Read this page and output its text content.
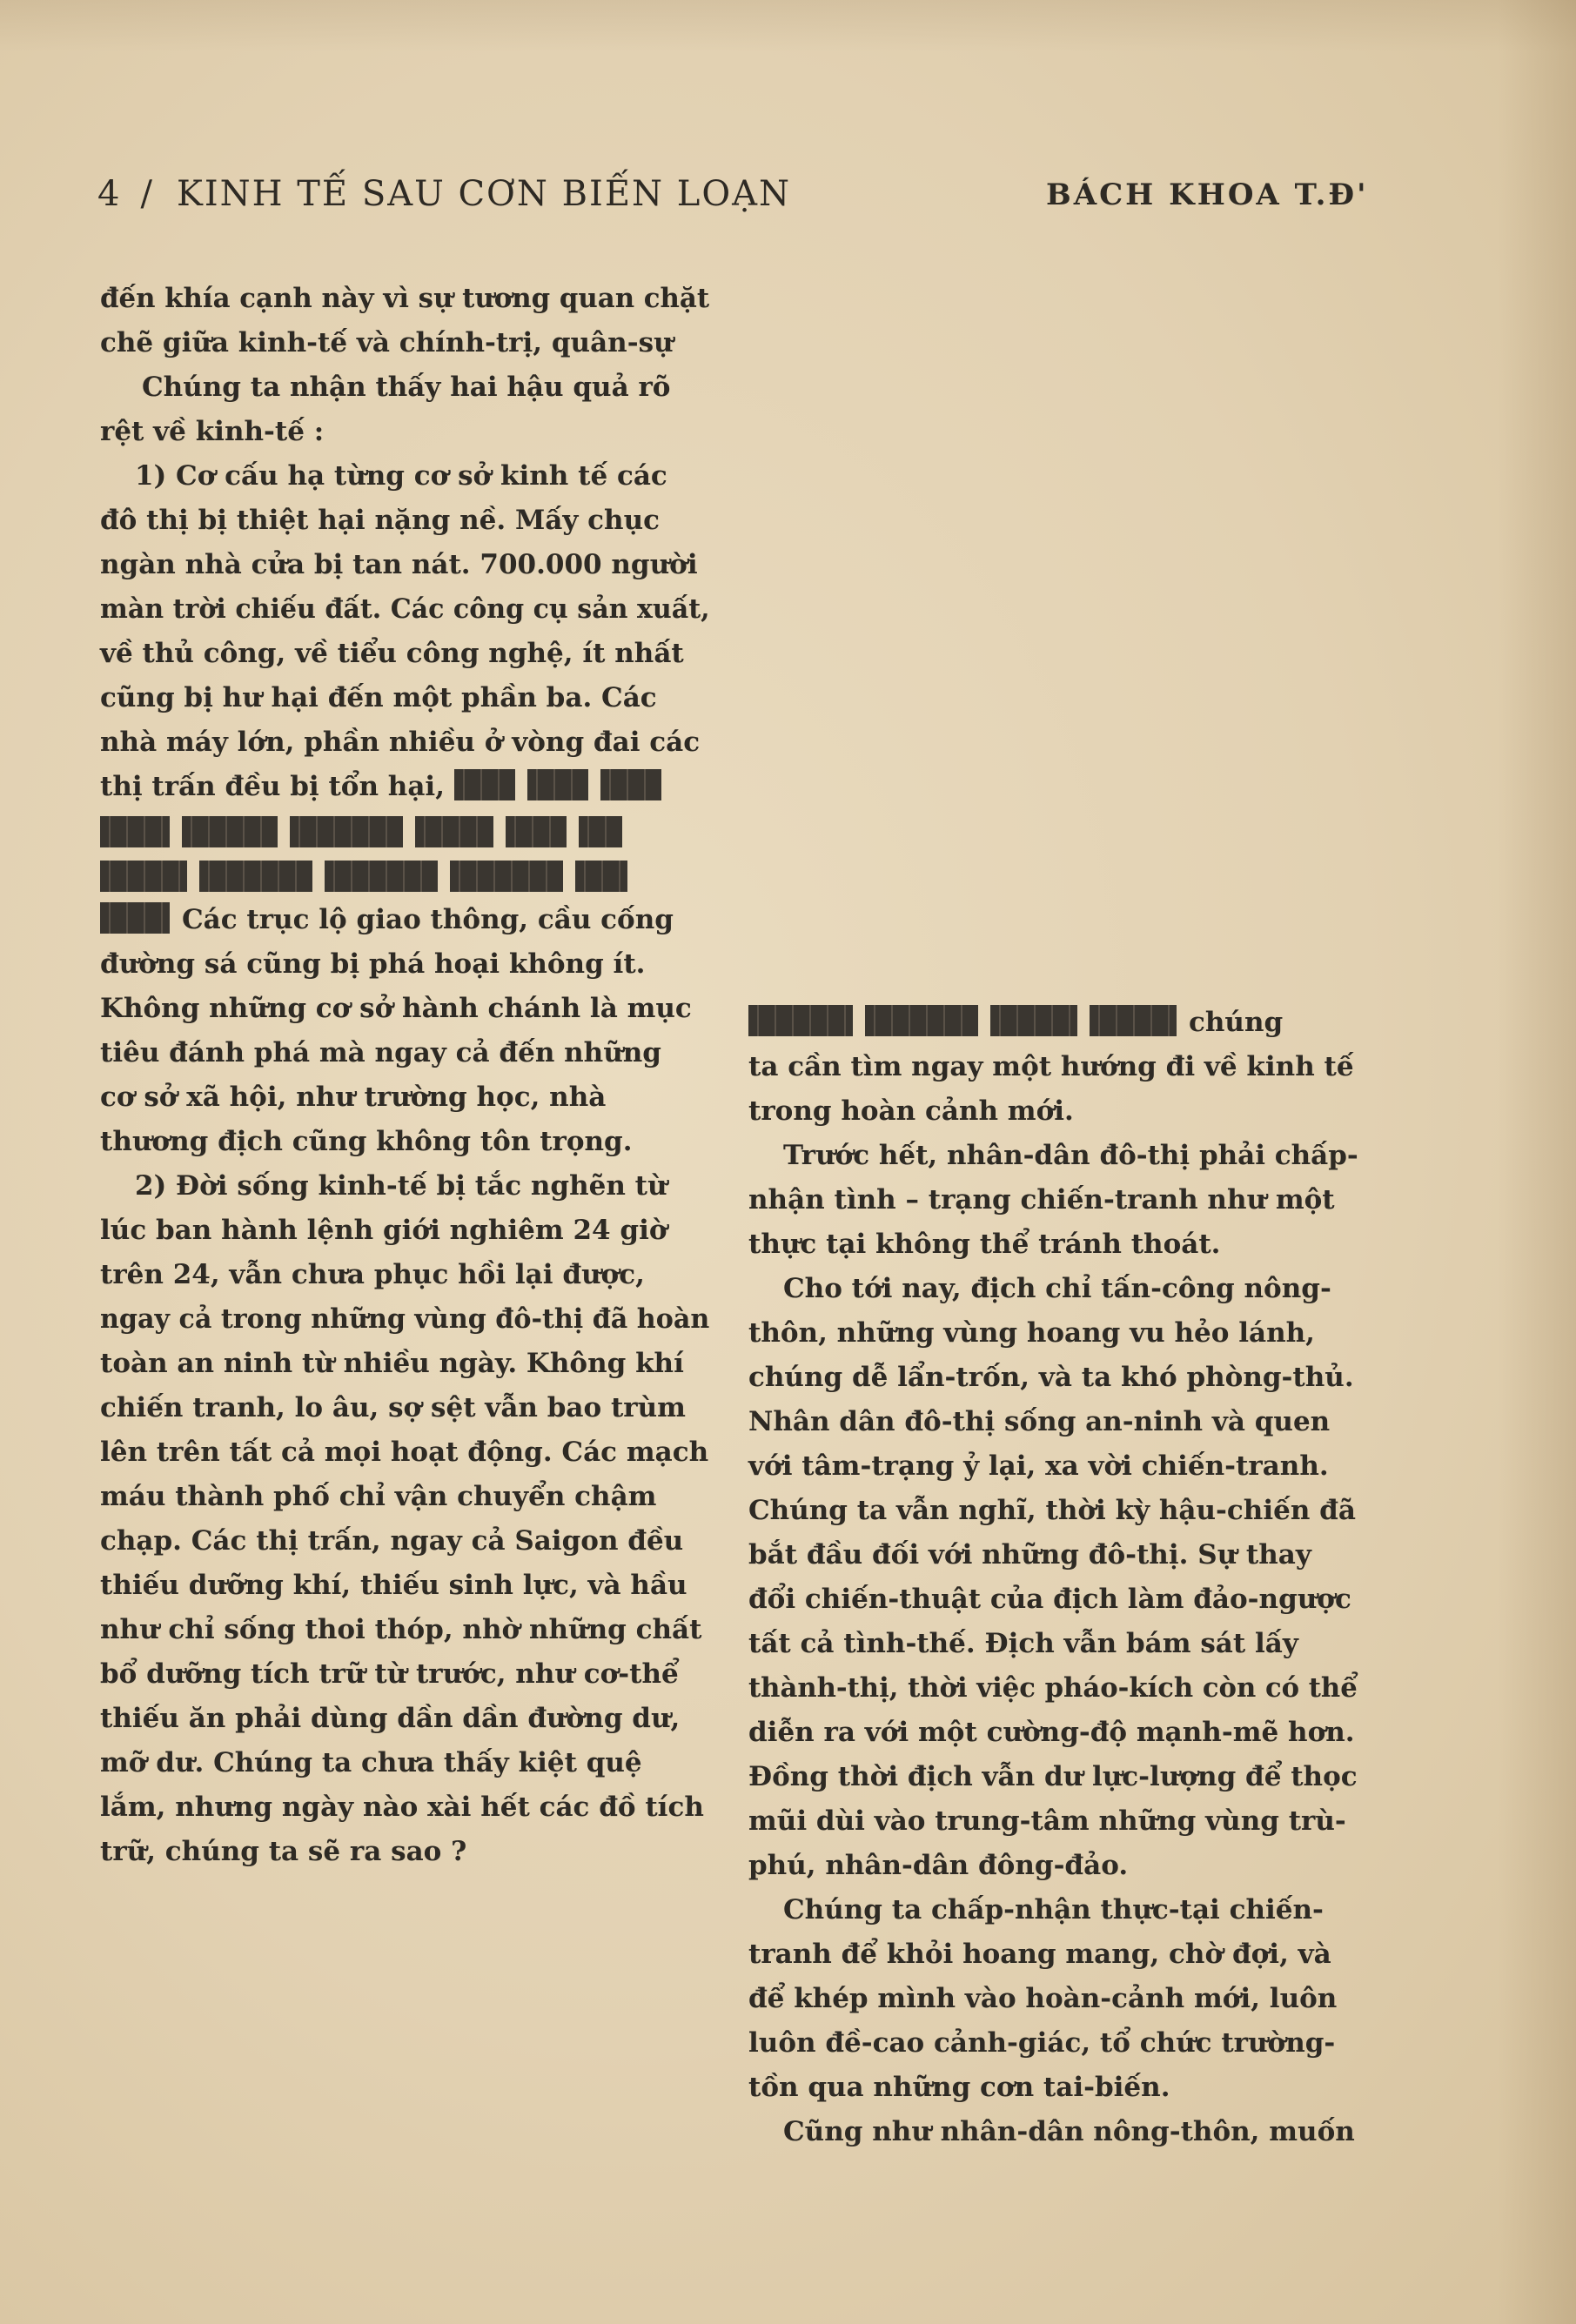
4 / KINH TẾ SAU CƠN BIẾN LOẠN	BÁCH KHOA T.Đ'
đến khía cạnh này vì sự tương quan chặt
chẽ giữa kinh-tế và chính-trị, quân-sự
Chúng ta nhận thấy hai hậu quả rõ
rệt về kinh-tế :
1) Cơ cấu hạ từng cơ sở kinh tế các
đô thị bị thiệt hại nặng nề. Mấy chục
ngàn nhà cửa bị tan nát. 700.000 người
màn trời chiếu đất. Các công cụ sản xuất,
về thủ công, về tiểu công nghệ, ít nhất
cũng bị hư hại đến một phần ba. Các
nhà máy lớn, phần nhiều ở vòng đai các
thị trấn đều bị tổn hại,
Các trục lộ giao thông, cầu cống
đường sá cũng bị phá hoại không ít.
Không những cơ sở hành chánh là mục
tiêu đánh phá mà ngay cả đến những
cơ sở xã hội, như trường học, nhà
thương địch cũng không tôn trọng.
2) Đời sống kinh-tế bị tắc nghẽn từ
lúc ban hành lệnh giới nghiêm 24 giờ
trên 24, vẫn chưa phục hồi lại được,
ngay cả trong những vùng đô-thị đã hoàn
toàn an ninh từ nhiều ngày. Không khí
chiến tranh, lo âu, sợ sệt vẫn bao trùm
lên trên tất cả mọi hoạt động. Các mạch
máu thành phố chỉ vận chuyển chậm
chạp. Các thị trấn, ngay cả Saigon đều
thiếu dưỡng khí, thiếu sinh lực, và hầu
như chỉ sống thoi thóp, nhờ những chất
bổ dưỡng tích trữ từ trước, như cơ-thể
thiếu ăn phải dùng dần dần đường dư,
mỡ dư. Chúng ta chưa thấy kiệt quệ
lắm, nhưng ngày nào xài hết các đồ tích
trữ, chúng ta sẽ ra sao ?
chúng
ta cần tìm ngay một hướng đi về kinh tế
trong hoàn cảnh mới.
Trước hết, nhân-dân đô-thị phải chấp-
nhận tình – trạng chiến-tranh như một
thực tại không thể tránh thoát.
Cho tới nay, địch chỉ tấn-công nông-
thôn, những vùng hoang vu hẻo lánh,
chúng dễ lẩn-trốn, và ta khó phòng-thủ.
Nhân dân đô-thị sống an-ninh và quen
với tâm-trạng ỷ lại, xa vời chiến-tranh.
Chúng ta vẫn nghĩ, thời kỳ hậu-chiến đã
bắt đầu đối với những đô-thị. Sự thay
đổi chiến-thuật của địch làm đảo-ngược
tất cả tình-thế. Địch vẫn bám sát lấy
thành-thị, thời việc pháo-kích còn có thể
diễn ra với một cường-độ mạnh-mẽ hơn.
Đồng thời địch vẫn dư lực-lượng để thọc
mũi dùi vào trung-tâm những vùng trù-
phú, nhân-dân đông-đảo.
Chúng ta chấp-nhận thực-tại chiến-
tranh để khỏi hoang mang, chờ đợi, và
để khép mình vào hoàn-cảnh mới, luôn
luôn đề-cao cảnh-giác, tổ chức trường-
tồn qua những cơn tai-biến.
Cũng như nhân-dân nông-thôn, muốn
